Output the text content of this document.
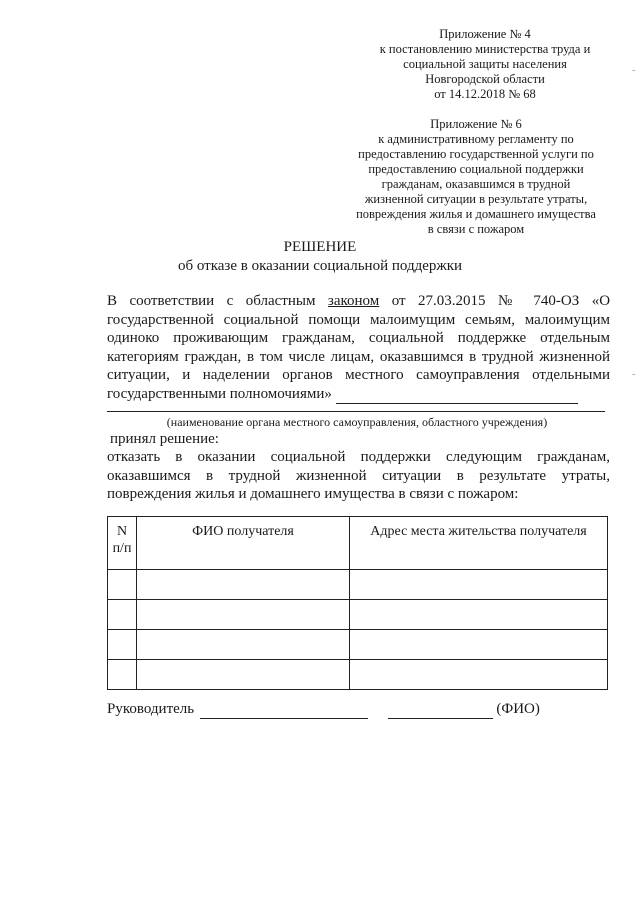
Приложение № 4
к постановлению министерства труда и
социальной защиты населения
Новгородской области
от 14.12.2018 № 68
Приложение № 6
к административному регламенту по
предоставлению государственной услуги по
предоставлению социальной поддержки
гражданам, оказавшимся в трудной
жизненной ситуации в результате утраты,
повреждения жилья и домашнего имущества
в связи с пожаром
РЕШЕНИЕ
об отказе в оказании социальной поддержки
В соответствии с областным законом от 27.03.2015 № 740-ОЗ «О
государственной социальной помощи малоимущим семьям, малоимущим
одиноко проживающим гражданам, социальной поддержке отдельным
категориям граждан, в том числе лицам, оказавшимся в трудной жизненной
ситуации, и наделении органов местного самоуправления отдельными
государственными полномочиями»
(наименование органа местного самоуправления, областного учреждения)
принял решение:
отказать в оказании социальной поддержки следующим гражданам,
оказавшимся в трудной жизненной ситуации в результате утраты,
повреждения жилья и домашнего имущества в связи с пожаром:
N
п/п	ФИО получателя	Адрес места жительства получателя

Руководитель	(ФИО)
-
-
